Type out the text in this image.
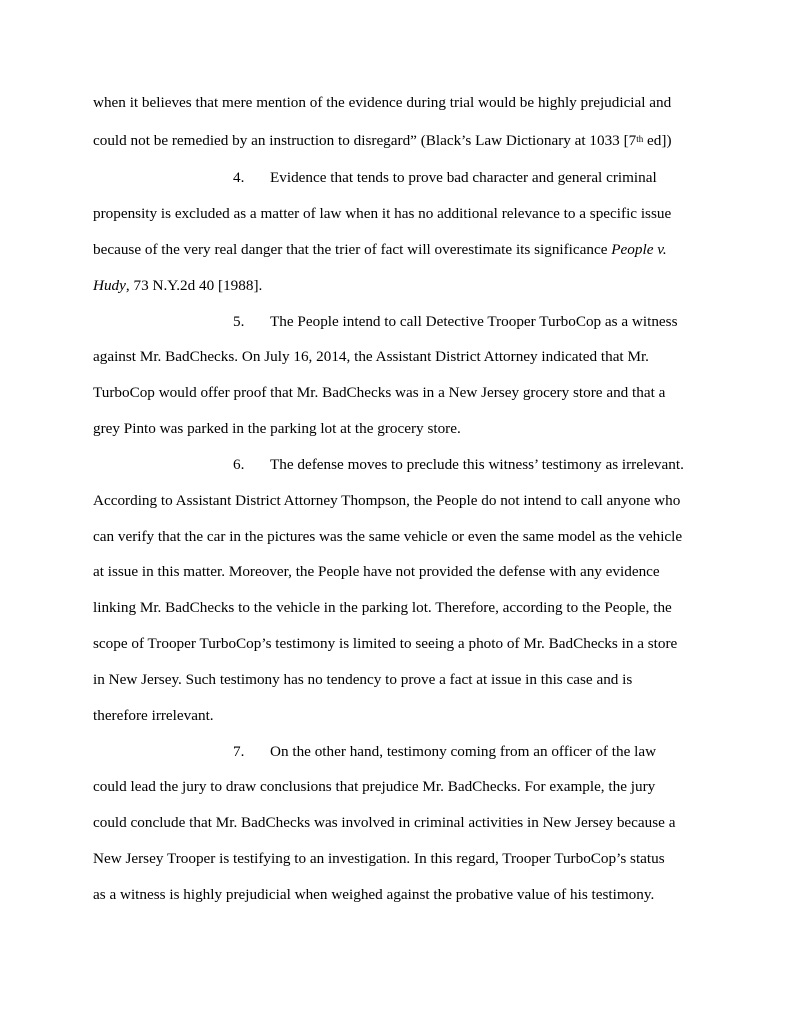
when it believes that mere mention of the evidence during trial would be highly prejudicial and
could not be remedied by an instruction to disregard” (Black’s Law Dictionary at 1033 [7th ed])
4. Evidence that tends to prove bad character and general criminal
propensity is excluded as a matter of law when it has no additional relevance to a specific issue
because of the very real danger that the trier of fact will overestimate its significance People v.
Hudy, 73 N.Y.2d 40 [1988].
5. The People intend to call Detective Trooper TurboCop as a witness
against Mr. BadChecks. On July 16, 2014, the Assistant District Attorney indicated that Mr.
TurboCop would offer proof that Mr. BadChecks was in a New Jersey grocery store and that a
grey Pinto was parked in the parking lot at the grocery store.
6. The defense moves to preclude this witness’ testimony as irrelevant.
According to Assistant District Attorney Thompson, the People do not intend to call anyone who
can verify that the car in the pictures was the same vehicle or even the same model as the vehicle
at issue in this matter. Moreover, the People have not provided the defense with any evidence
linking Mr. BadChecks to the vehicle in the parking lot. Therefore, according to the People, the
scope of Trooper TurboCop’s testimony is limited to seeing a photo of Mr. BadChecks in a store
in New Jersey. Such testimony has no tendency to prove a fact at issue in this case and is
therefore irrelevant.
7. On the other hand, testimony coming from an officer of the law
could lead the jury to draw conclusions that prejudice Mr. BadChecks. For example, the jury
could conclude that Mr. BadChecks was involved in criminal activities in New Jersey because a
New Jersey Trooper is testifying to an investigation. In this regard, Trooper TurboCop’s status
as a witness is highly prejudicial when weighed against the probative value of his testimony.
